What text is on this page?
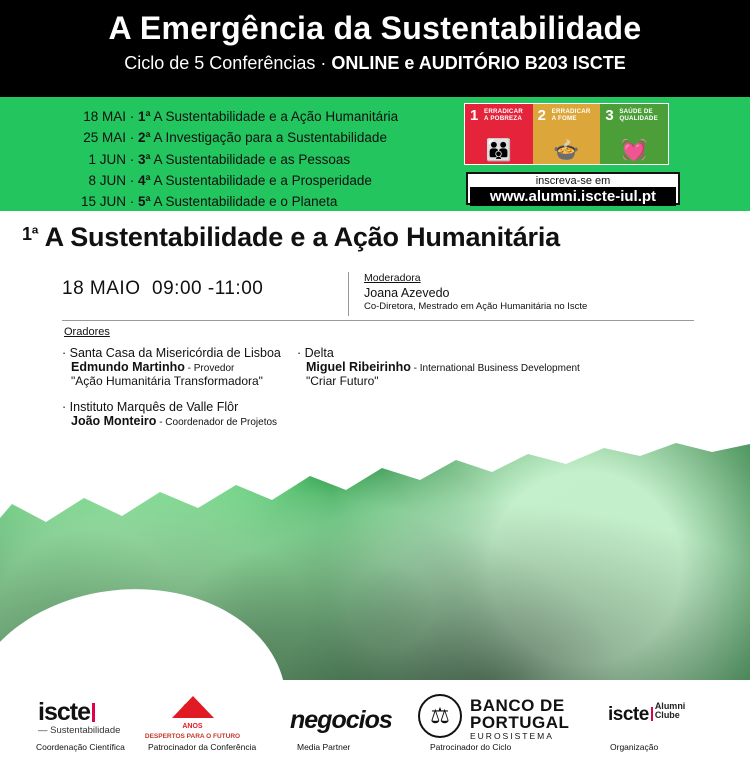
A Emergência da Sustentabilidade
Ciclo de 5 Conferências · ONLINE e AUDITÓRIO B203 ISCTE
18 MAI · 1ª A Sustentabilidade e a Ação Humanitária
25 MAI · 2ª A Investigação para a Sustentabilidade
1 JUN · 3ª A Sustentabilidade e as Pessoas
8 JUN · 4ª A Sustentabilidade e a Prosperidade
15 JUN · 5ª A Sustentabilidade e o Planeta
1 ERRADICAR A POBREZA
👪
2 ERRADICAR A FOME
🍲
3 SAÚDE DE QUALIDADE
💓
inscreva-se em
www.alumni.iscte-iul.pt
$^{1ª}$ A Sustentabilidade e a Ação Humanitária
18 MAIO 09:00 -11:00	Moderadora
Joana Azevedo
Co-Diretora, Mestrado em Ação Humanitária no Iscte
Oradores
· Santa Casa da Misericórdia de Lisboa
Edmundo Martinho - Provedor
"Ação Humanitária Transformadora"
· Delta
Miguel Ribeirinho - International Business Development
"Criar Futuro"
· Instituto Marquês de Valle Flôr
João Monteiro - Coordenador de Projetos
iscte
— Sustentabilidade
60
ANOS
DESPERTOS PARA O FUTURO
negocios	⚖	BANCO DE
PORTUGAL
EUROSISTEMA
iscte Alumni
Clube
Coordenação Científica	Patrocinador da Conferência	Media Partner	Patrocinador do Ciclo	Organização
